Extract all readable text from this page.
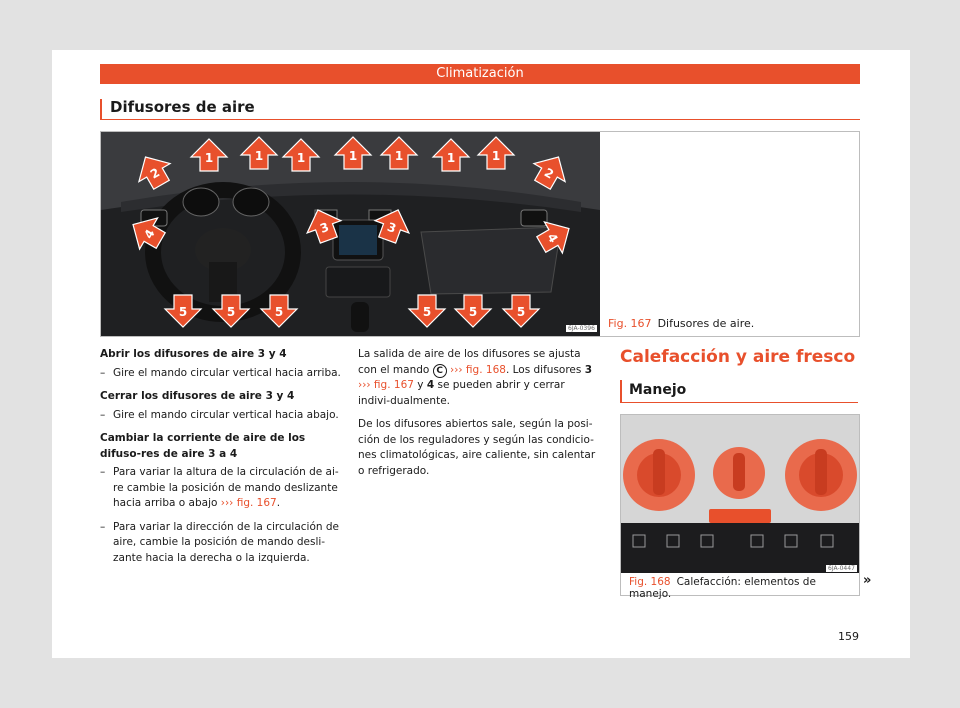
Climatización
Difusores de aire
1	1	1	1	1	1	1
2	2
3	3
4	4
5	5	5	5	5	5
6JA-0396 Fig. 167 Difusores de aire.
Abrir los difusores de aire 3 y 4
– Gire el mando circular vertical hacia arriba.
Cerrar los difusores de aire 3 y 4
– Gire el mando circular vertical hacia abajo.
Cambiar la corriente de aire de los difuso-res de aire 3 a 4
– Para variar la altura de la circulación de ai-re cambie la posición de mando deslizante hacia arriba o abajo ››› fig. 167.
– Para variar la dirección de la circulación de aire, cambie la posición de mando desli-zante hacia la derecha o la izquierda.

La salida de aire de los difusores se ajusta con el mando C ››› fig. 168. Los difusores 3 ››› fig. 167 y 4 se pueden abrir y cerrar indivi-dualmente.

De los difusores abiertos sale, según la posi-ción de los reguladores y según las condicio-nes climatológicas, aire caliente, sin calentar o refrigerado.

Calefacción y aire fresco
Manejo

6JA-0447
Fig. 168 Calefacción: elementos de manejo.
»
159
